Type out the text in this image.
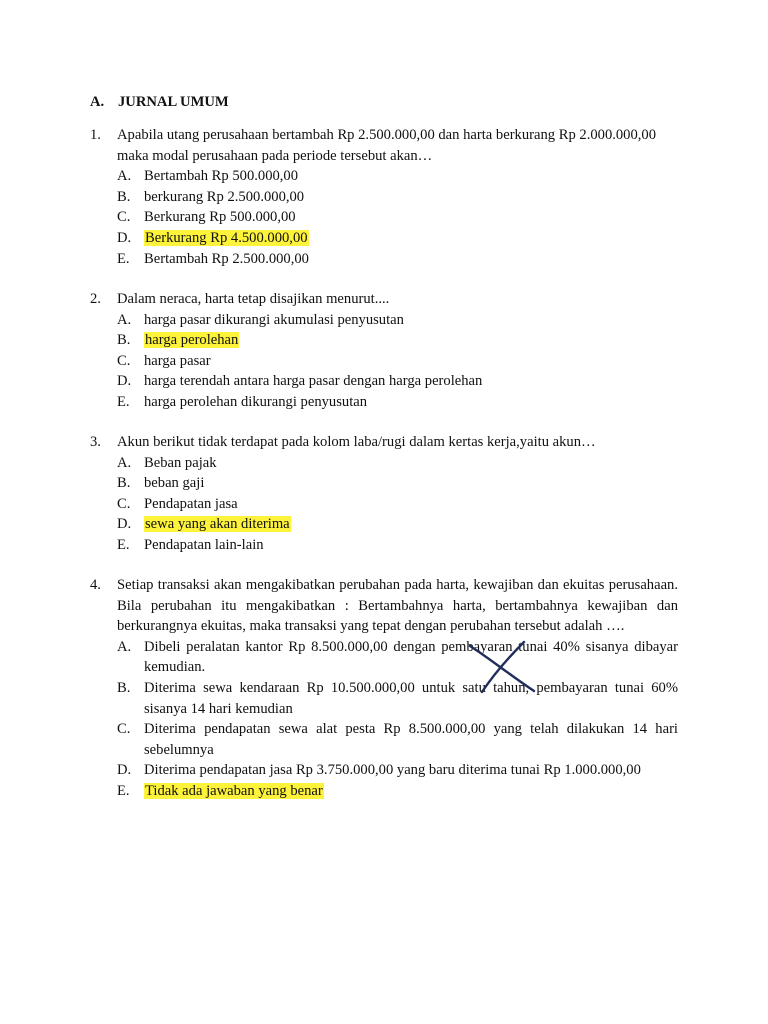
A. JURNAL UMUM
1. Apabila utang perusahaan bertambah Rp 2.500.000,00 dan harta berkurang Rp 2.000.000,00 maka modal perusahaan pada periode tersebut akan…
A. Bertambah Rp 500.000,00
B. berkurang Rp 2.500.000,00
C. Berkurang Rp 500.000,00
D. Berkurang Rp 4.500.000,00
E. Bertambah Rp 2.500.000,00
2. Dalam neraca, harta tetap disajikan menurut....
A. harga pasar dikurangi akumulasi penyusutan
B. harga perolehan
C. harga pasar
D. harga terendah antara harga pasar dengan harga perolehan
E. harga perolehan dikurangi penyusutan
3. Akun berikut tidak terdapat pada kolom laba/rugi dalam kertas kerja,yaitu akun…
A. Beban pajak
B. beban gaji
C. Pendapatan jasa
D. sewa yang akan diterima
E. Pendapatan lain-lain
4. Setiap transaksi akan mengakibatkan perubahan pada harta, kewajiban dan ekuitas perusahaan. Bila perubahan itu mengakibatkan : Bertambahnya harta, bertambahnya kewajiban dan berkurangnya ekuitas, maka transaksi yang tepat dengan perubahan tersebut adalah ….
A. Dibeli peralatan kantor Rp 8.500.000,00 dengan pembayaran tunai 40% sisanya dibayar kemudian.
B. Diterima sewa kendaraan Rp 10.500.000,00 untuk satu tahun, pembayaran tunai 60% sisanya 14 hari kemudian
C. Diterima pendapatan sewa alat pesta Rp 8.500.000,00 yang telah dilakukan 14 hari sebelumnya
D. Diterima pendapatan jasa Rp 3.750.000,00 yang baru diterima tunai Rp 1.000.000,00
E. Tidak ada jawaban yang benar
